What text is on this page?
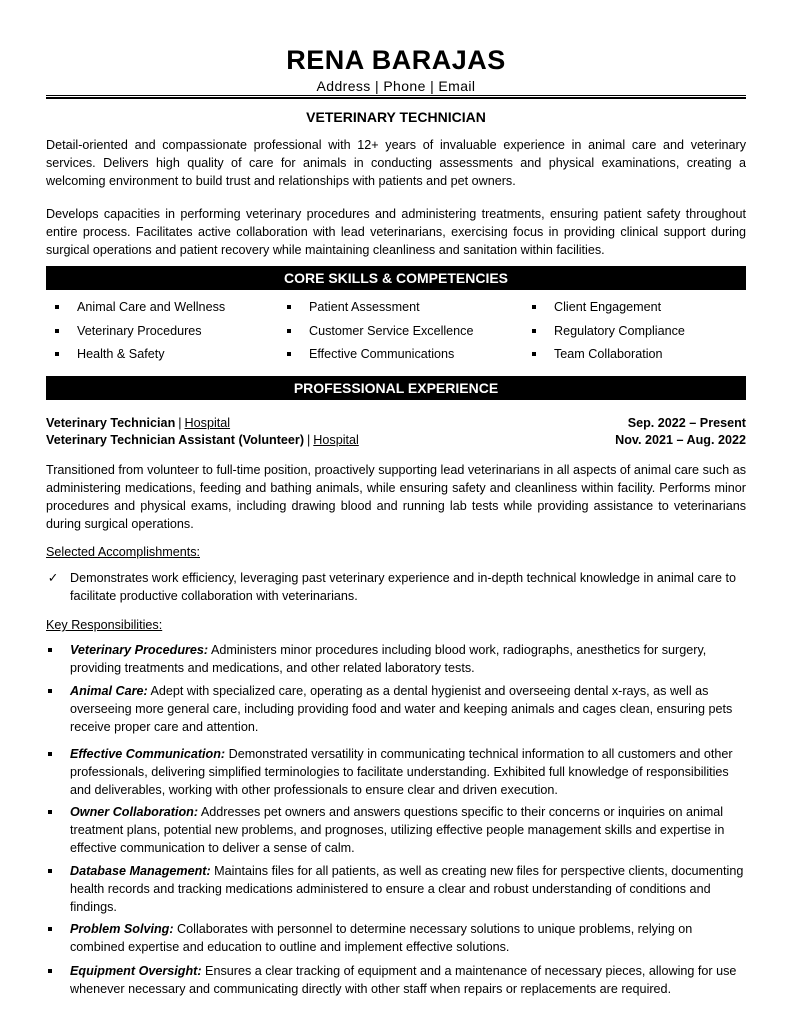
RENA BARAJAS
Address | Phone | Email
VETERINARY TECHNICIAN
Detail-oriented and compassionate professional with 12+ years of invaluable experience in animal care and veterinary services. Delivers high quality of care for animals in conducting assessments and physical examinations, creating a welcoming environment to build trust and relationships with patients and pet owners.
Develops capacities in performing veterinary procedures and administering treatments, ensuring patient safety throughout entire process. Facilitates active collaboration with lead veterinarians, exercising focus in providing clinical support during surgical operations and patient recovery while maintaining cleanliness and sanitation within facilities.
CORE SKILLS & COMPETENCIES
Animal Care and Wellness
Veterinary Procedures
Health & Safety
Patient Assessment
Customer Service Excellence
Effective Communications
Client Engagement
Regulatory Compliance
Team Collaboration
PROFESSIONAL EXPERIENCE
Veterinary Technician | Hospital	Sep. 2022 – Present
Veterinary Technician Assistant (Volunteer) | Hospital	Nov. 2021 – Aug. 2022
Transitioned from volunteer to full-time position, proactively supporting lead veterinarians in all aspects of animal care such as administering medications, feeding and bathing animals, while ensuring safety and cleanliness within facility. Performs minor procedures and physical exams, including drawing blood and running lab tests while providing assistance to veterinarians during surgical operations.
Selected Accomplishments:
✓ Demonstrates work efficiency, leveraging past veterinary experience and in-depth technical knowledge in animal care to facilitate productive collaboration with veterinarians.
Key Responsibilities:
Veterinary Procedures: Administers minor procedures including blood work, radiographs, anesthetics for surgery, providing treatments and medications, and other related laboratory tests.
Animal Care: Adept with specialized care, operating as a dental hygienist and overseeing dental x-rays, as well as overseeing more general care, including providing food and water and keeping animals and cages clean, ensuring pets receive proper care and attention.
Effective Communication: Demonstrated versatility in communicating technical information to all customers and other professionals, delivering simplified terminologies to facilitate understanding. Exhibited full knowledge of responsibilities and deliverables, working with other professionals to ensure clear and driven execution.
Owner Collaboration: Addresses pet owners and answers questions specific to their concerns or inquiries on animal treatment plans, potential new problems, and prognoses, utilizing effective people management skills and expertise in effective communication to deliver a sense of calm.
Database Management: Maintains files for all patients, as well as creating new files for perspective clients, documenting health records and tracking medications administered to ensure a clear and robust understanding of conditions and findings.
Problem Solving: Collaborates with personnel to determine necessary solutions to unique problems, relying on combined expertise and education to outline and implement effective solutions.
Equipment Oversight: Ensures a clear tracking of equipment and a maintenance of necessary pieces, allowing for use whenever necessary and communicating directly with other staff when repairs or replacements are required.
